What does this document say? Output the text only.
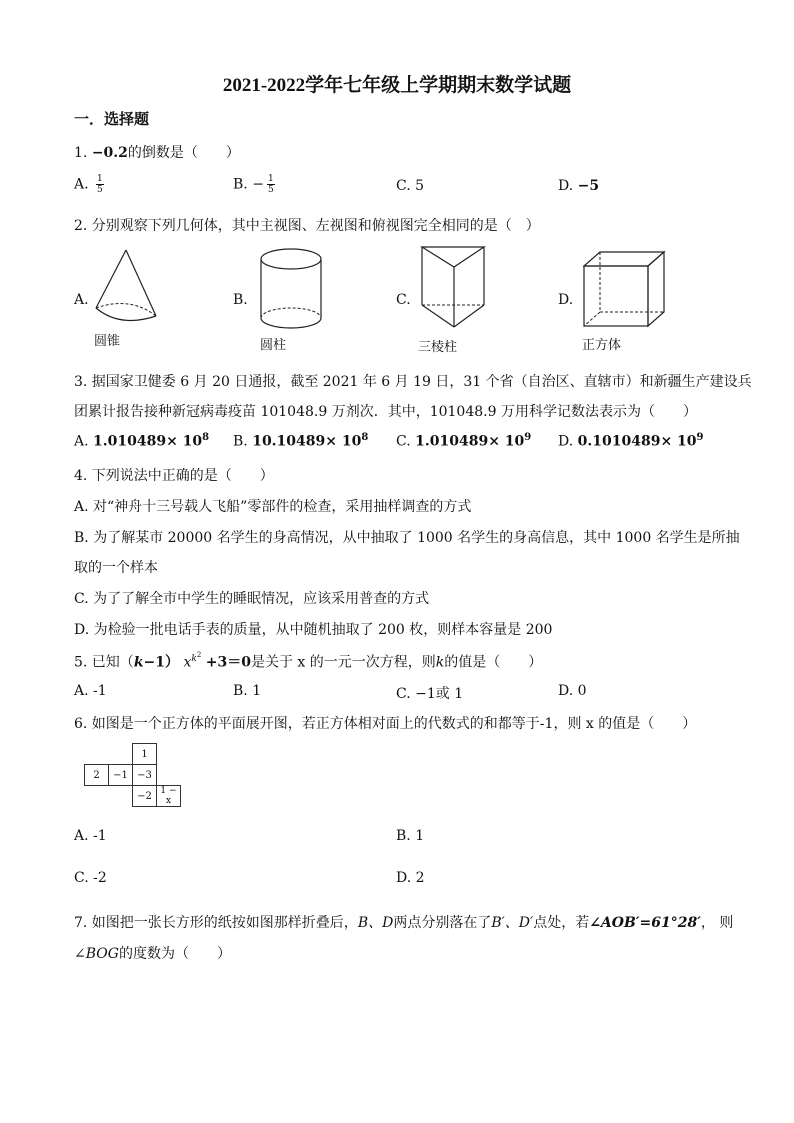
2021-2022学年七年级上学期期末数学试题
一．选择题
1. −0.2的倒数是（　　）
A. $\frac{1}{5}$	B. − $\frac{1}{5}$	C. 5	D. −5
2. 分别观察下列几何体，其中主视图、左视图和俯视图完全相同的是（　）
A.
圆锥
B.
圆柱
C.
三棱柱
D.
正方体
3. 据国家卫健委 6 月 20 日通报，截至 2021 年 6 月 19 日，31 个省（自治区、直辖市）和新疆生产建设兵
团累计报告接种新冠病毒疫苗 101048.9 万剂次．其中，101048.9 万用科学记数法表示为（　　）
A. $1.010489\times 10^8$ B. $10.10489\times 10^8$ C. $1.010489\times 10^9$ D. $0.1010489\times 10^9$
4. 下列说法中正确的是（　　）
A. 对“神舟十三号载人飞船”零部件的检查，采用抽样调查的方式
B. 为了解某市 20000 名学生的身高情况，从中抽取了 1000 名学生的身高信息，其中 1000 名学生是所抽
取的一个样本
C. 为了了解全市中学生的睡眠情况，应该采用普查的方式
D. 为检验一批电话手表的质量，从中随机抽取了 200 枚，则样本容量是 200
5. 已知（k−1） $x^{k^2} +3=0$是关于 x 的一元一次方程，则k的值是（　　）
A. -1	B. 1	C. −1或 1	D. 0
6. 如图是一个正方体的平面展开图，若正方体相对面上的代数式的和都等于-1，则 x 的值是（　　）
		1	
2	−1	−3	
		−2	1 − x
A. -1	B. 1
C. -2	D. 2
7. 如图把一张长方形的纸按如图那样折叠后，B、D两点分别落在了B′、D′点处，若∠AOB′=61°28′， 则
∠BOG的度数为（　　）
